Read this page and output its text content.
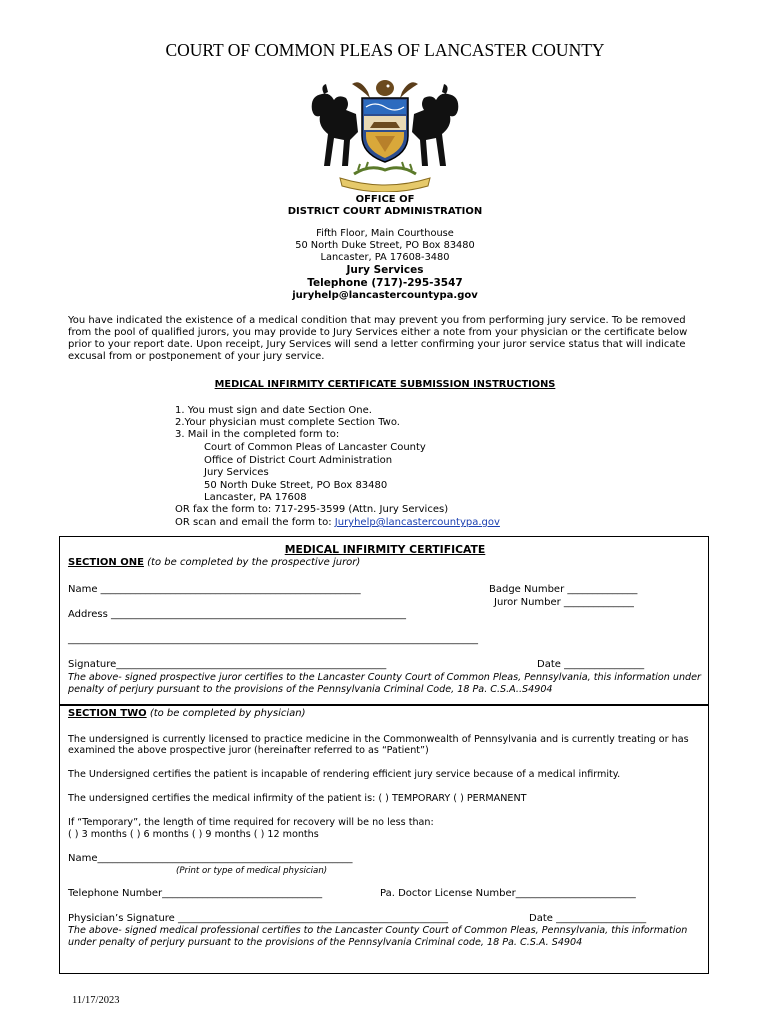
COURT OF COMMON PLEAS OF LANCASTER COUNTY
OFFICE OF
DISTRICT COURT ADMINISTRATION
Fifth Floor, Main Courthouse
50 North Duke Street, PO Box 83480
Lancaster, PA 17608-3480
Jury Services
Telephone (717)-295-3547
juryhelp@lancastercountypa.gov
You have indicated the existence of a medical condition that may prevent you from performing jury service. To be removed
from the pool of qualified jurors, you may provide to Jury Services either a note from your physician or the certificate below
prior to your report date. Upon receipt, Jury Services will send a letter confirming your juror service status that will indicate
excusal from or postponement of your jury service.
MEDICAL INFIRMITY CERTIFICATE SUBMISSION INSTRUCTIONS
1. You must sign and date Section One.
2.Your physician must complete Section Two.
3. Mail in the completed form to:
Court of Common Pleas of Lancaster County
Office of District Court Administration
Jury Services
50 North Duke Street, PO Box 83480
Lancaster, PA 17608
OR fax the form to: 717-295-3599 (Attn. Jury Services)
OR scan and email the form to: Juryhelp@lancastercountypa.gov
MEDICAL INFIRMITY CERTIFICATE
SECTION ONE (to be completed by the prospective juror)
Name ____________________________________________________	Badge Number ______________
Juror Number ______________
Address ___________________________________________________________
__________________________________________________________________________________
Signature______________________________________________________	Date ________________
The above- signed prospective juror certifies to the Lancaster County Court of Common Pleas, Pennsylvania, this information under
penalty of perjury pursuant to the provisions of the Pennsylvania Criminal Code, 18 Pa. C.S.A..S4904
SECTION TWO (to be completed by physician)
The undersigned is currently licensed to practice medicine in the Commonwealth of Pennsylvania and is currently treating or has
examined the above prospective juror (hereinafter referred to as “Patient”)
The Undersigned certifies the patient is incapable of rendering efficient jury service because of a medical infirmity.
The undersigned certifies the medical infirmity of the patient is: ( ) TEMPORARY ( ) PERMANENT
If “Temporary”, the length of time required for recovery will be no less than:
( ) 3 months ( ) 6 months ( ) 9 months ( ) 12 months
Name___________________________________________________
(Print or type of medical physician)
Telephone Number________________________________	Pa. Doctor License Number________________________
Physician’s Signature ______________________________________________________	Date __________________
The above- signed medical professional certifies to the Lancaster County Court of Common Pleas, Pennsylvania, this information
under penalty of perjury pursuant to the provisions of the Pennsylvania Criminal code, 18 Pa. C.S.A. S4904
11/17/2023
